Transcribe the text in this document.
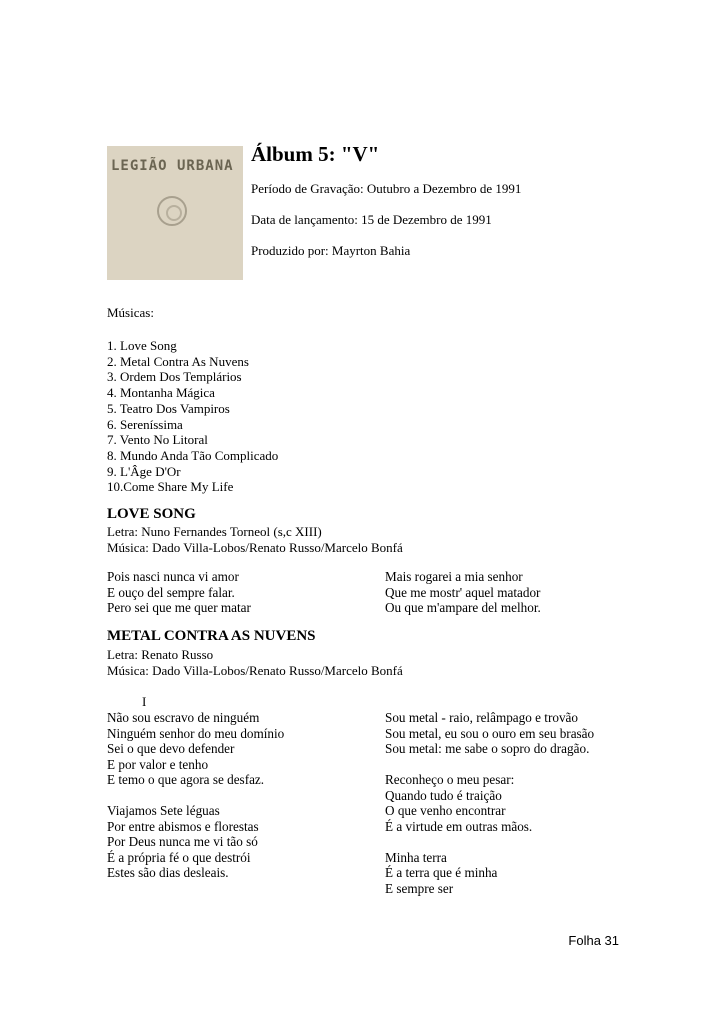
LEGIÃO URBANA Álbum 5: "V"
Período de Gravação: Outubro a Dezembro de 1991
Data de lançamento: 15 de Dezembro de 1991
Produzido por: Mayrton Bahia
Músicas:
1. Love Song
2. Metal Contra As Nuvens
3. Ordem Dos Templários
4. Montanha Mágica
5. Teatro Dos Vampiros
6. Sereníssima
7. Vento No Litoral
8. Mundo Anda Tão Complicado
9. L'Âge D'Or
10.Come Share My Life
LOVE SONG
Letra: Nuno Fernandes Torneol (s,c XIII)
Música: Dado Villa-Lobos/Renato Russo/Marcelo Bonfá
Pois nasci nunca vi amor
E ouço del sempre falar.
Pero sei que me quer matar
Mais rogarei a mia senhor
Que me mostr' aquel matador
Ou que m'ampare del melhor.
METAL CONTRA AS NUVENS
Letra: Renato Russo
Música: Dado Villa-Lobos/Renato Russo/Marcelo Bonfá
I
Não sou escravo de ninguém
Ninguém senhor do meu domínio
Sei o que devo defender
E por valor e tenho
E temo o que agora se desfaz.
Viajamos Sete léguas
Por entre abismos e florestas
Por Deus nunca me vi tão só
É a própria fé o que destrói
Estes são dias desleais.
Sou metal - raio, relâmpago e trovão
Sou metal, eu sou o ouro em seu brasão
Sou metal: me sabe o sopro do dragão.
Reconheço o meu pesar:
Quando tudo é traição
O que venho encontrar
É a virtude em outras mãos.
Minha terra
É a terra que é minha
E sempre ser
Folha 31
